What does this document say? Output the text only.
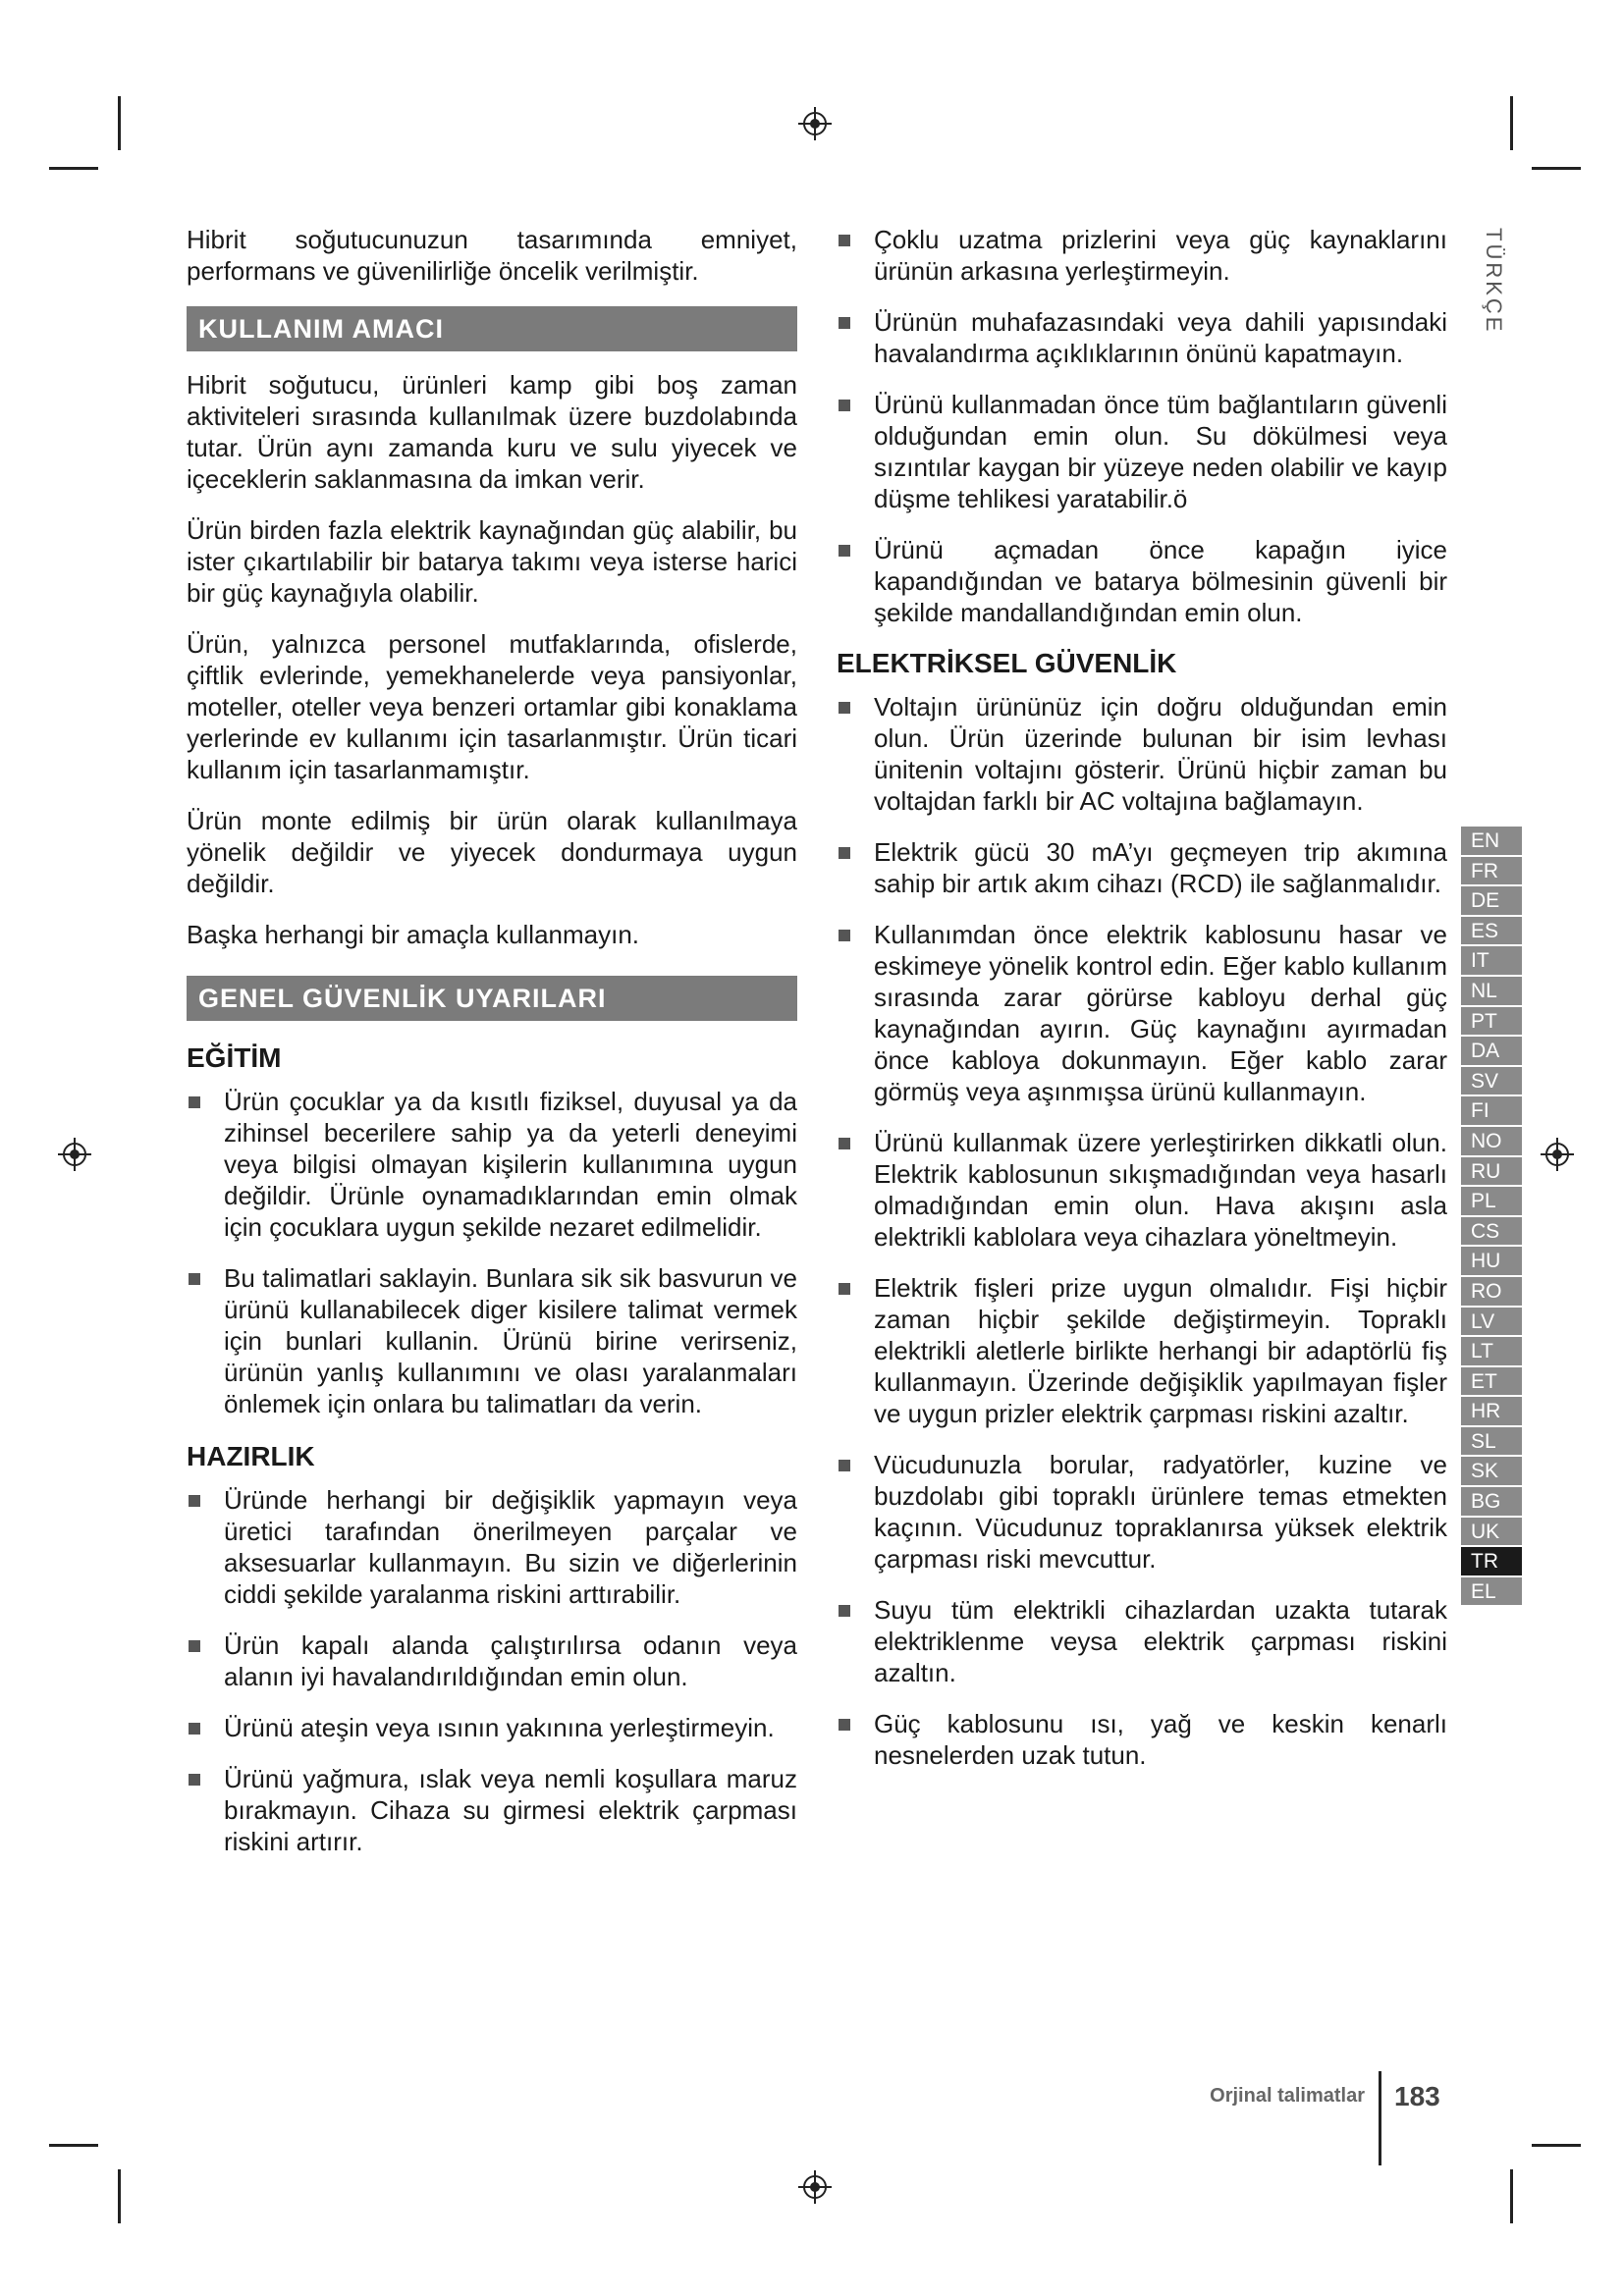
Hibrit soğutucunuzun tasarımında emniyet, performans ve güvenilirliğe öncelik verilmiştir.

KULLANIM AMACI

Hibrit soğutucu, ürünleri kamp gibi boş zaman aktiviteleri sırasında kullanılmak üzere buzdolabında tutar. Ürün aynı zamanda kuru ve sulu yiyecek ve içeceklerin saklanmasına da imkan verir.

Ürün birden fazla elektrik kaynağından güç alabilir, bu ister çıkartılabilir bir batarya takımı veya isterse harici bir güç kaynağıyla olabilir.

Ürün, yalnızca personel mutfaklarında, ofislerde, çiftlik evlerinde, yemekhanelerde veya pansiyonlar, moteller, oteller veya benzeri ortamlar gibi konaklama yerlerinde ev kullanımı için tasarlanmıştır. Ürün ticari kullanım için tasarlanmamıştır.

Ürün monte edilmiş bir ürün olarak kullanılmaya yönelik değildir ve yiyecek dondurmaya uygun değildir.

Başka herhangi bir amaçla kullanmayın.

GENEL GÜVENLİK UYARILARI
EĞİTİM
Ürün çocuklar ya da kısıtlı fiziksel, duyusal ya da zihinsel becerilere sahip ya da yeterli deneyimi veya bilgisi olmayan kişilerin kullanımına uygun değildir. Ürünle oynamadıklarından emin olmak için çocuklara uygun şekilde nezaret edilmelidir.
Bu talimatlari saklayin. Bunlara sik sik basvurun ve ürünü kullanabilecek diger kisilere talimat vermek için bunlari kullanin. Ürünü birine verirseniz, ürünün yanlış kullanımını ve olası yaralanmaları önlemek için onlara bu talimatları da verin.
HAZIRLIK
Üründe herhangi bir değişiklik yapmayın veya üretici tarafından önerilmeyen parçalar ve aksesuarlar kullanmayın. Bu sizin ve diğerlerinin ciddi şekilde yaralanma riskini arttırabilir.
Ürün kapalı alanda çalıştırılırsa odanın veya alanın iyi havalandırıldığından emin olun.
Ürünü ateşin veya ısının yakınına yerleştirmeyin.
Ürünü yağmura, ıslak veya nemli koşullara maruz bırakmayın. Cihaza su girmesi elektrik çarpması riskini artırır.
Çoklu uzatma prizlerini veya güç kaynaklarını ürünün arkasına yerleştirmeyin.
Ürünün muhafazasındaki veya dahili yapısındaki havalandırma açıklıklarının önünü kapatmayın.
Ürünü kullanmadan önce tüm bağlantıların güvenli olduğundan emin olun. Su dökülmesi veya sızıntılar kaygan bir yüzeye neden olabilir ve kayıp düşme tehlikesi yaratabilir.ö
Ürünü açmadan önce kapağın iyice kapandığından ve batarya bölmesinin güvenli bir şekilde mandallandığından emin olun.
ELEKTRİKSEL GÜVENLİK
Voltajın ürününüz için doğru olduğundan emin olun. Ürün üzerinde bulunan bir isim levhası ünitenin voltajını gösterir. Ürünü hiçbir zaman bu voltajdan farklı bir AC voltajına bağlamayın.
Elektrik gücü 30 mA’yı geçmeyen trip akımına sahip bir artık akım cihazı (RCD) ile sağlanmalıdır.
Kullanımdan önce elektrik kablosunu hasar ve eskimeye yönelik kontrol edin. Eğer kablo kullanım sırasında zarar görürse kabloyu derhal güç kaynağından ayırın. Güç kaynağını ayırmadan önce kabloya dokunmayın. Eğer kablo zarar görmüş veya aşınmışsa ürünü kullanmayın.
Ürünü kullanmak üzere yerleştirirken dikkatli olun. Elektrik kablosunun sıkışmadığından veya hasarlı olmadığından emin olun. Hava akışını asla elektrikli kablolara veya cihazlara yöneltmeyin.
Elektrik fişleri prize uygun olmalıdır. Fişi hiçbir zaman hiçbir şekilde değiştirmeyin. Topraklı elektrikli aletlerle birlikte herhangi bir adaptörlü fiş kullanmayın. Üzerinde değişiklik yapılmayan fişler ve uygun prizler elektrik çarpması riskini azaltır.
Vücudunuzla borular, radyatörler, kuzine ve buzdolabı gibi topraklı ürünlere temas etmekten kaçının. Vücudunuz topraklanırsa yüksek elektrik çarpması riski mevcuttur.
Suyu tüm elektrikli cihazlardan uzakta tutarak elektriklenme veysa elektrik çarpması riskini azaltın.
Güç kablosunu ısı, yağ ve keskin kenarlı nesnelerden uzak tutun.
TÜRKÇE
EN
FR
DE
ES
IT
NL
PT
DA
SV
FI
NO
RU
PL
CS
HU
RO
LV
LT
ET
HR
SL
SK
BG
UK
TR
EL
Orjinal talimatlar 183
